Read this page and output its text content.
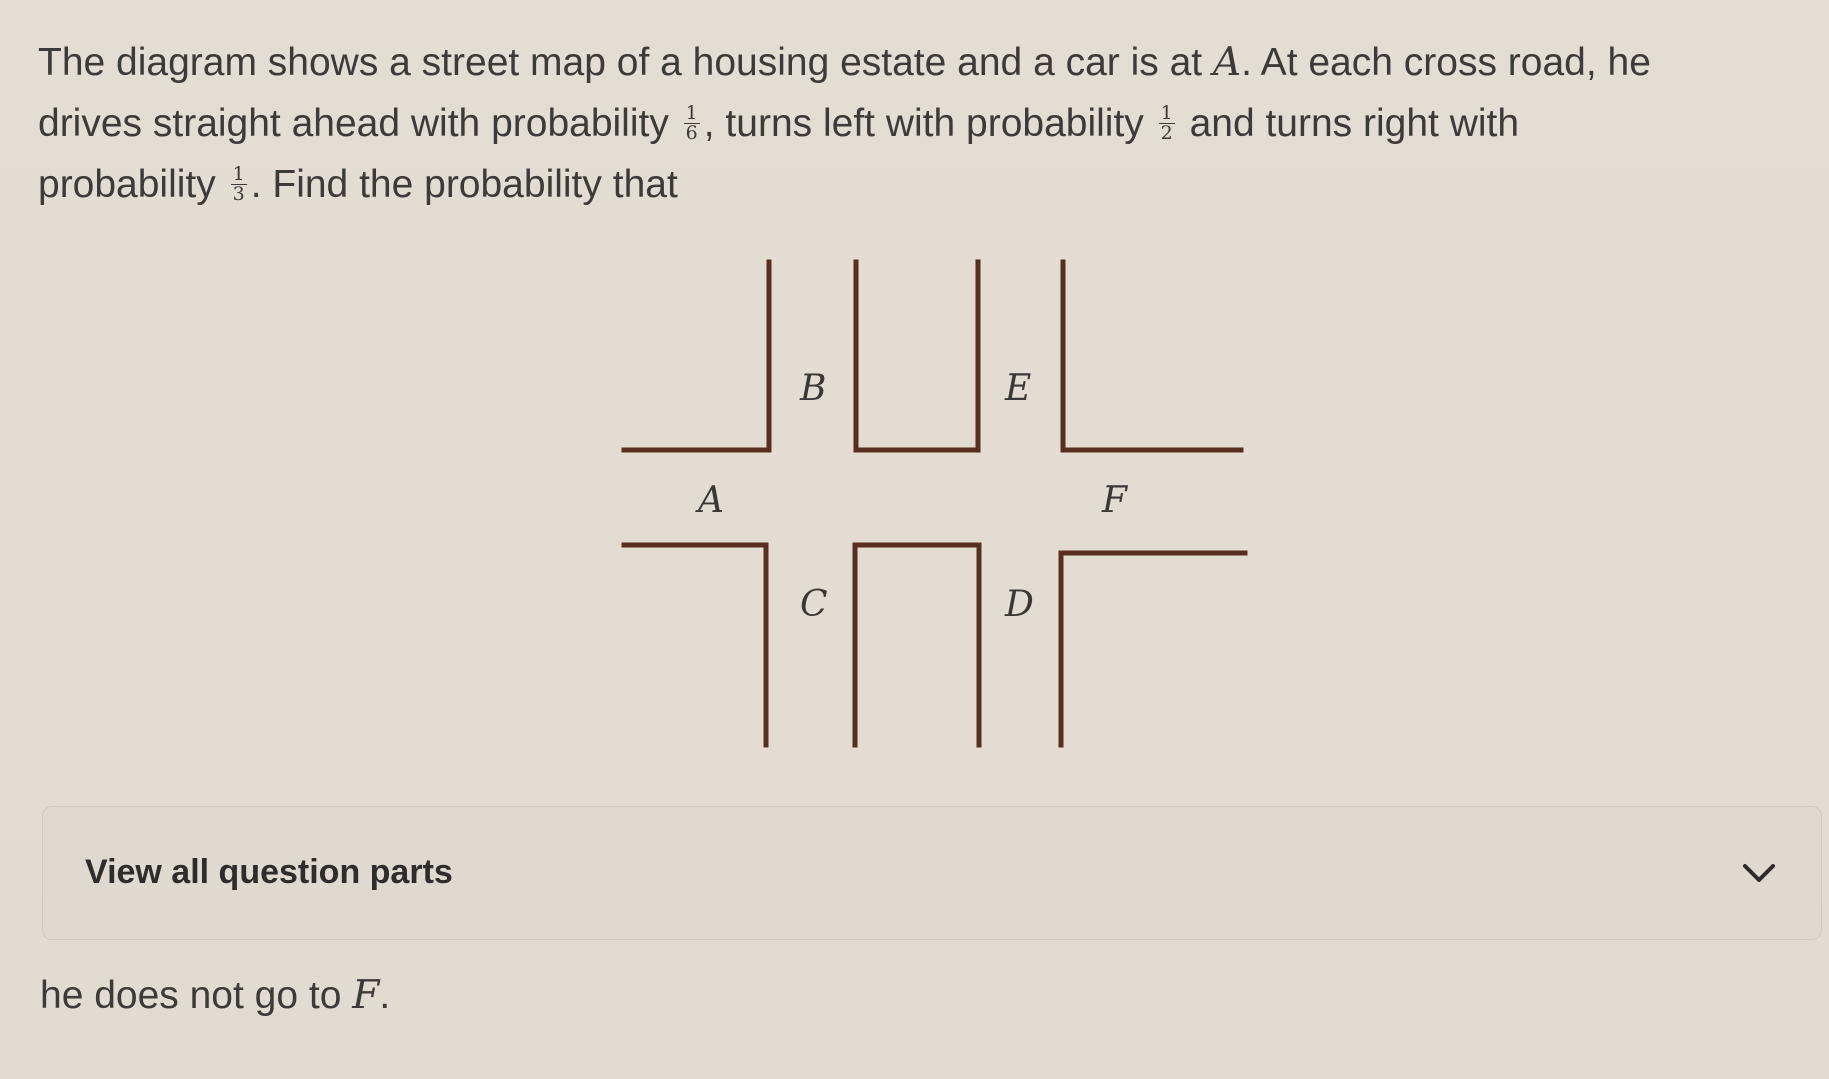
The diagram shows a street map of a housing estate and a car is at A. At each cross road, he
drives straight ahead with probability $\frac{1}{6}$ , turns left with probability $\frac{1}{2}$ and turns right with
probability $\frac{1}{3}$ . Find the probability that
A
B
C	D
E
F
View all question parts
he does not go to F.
